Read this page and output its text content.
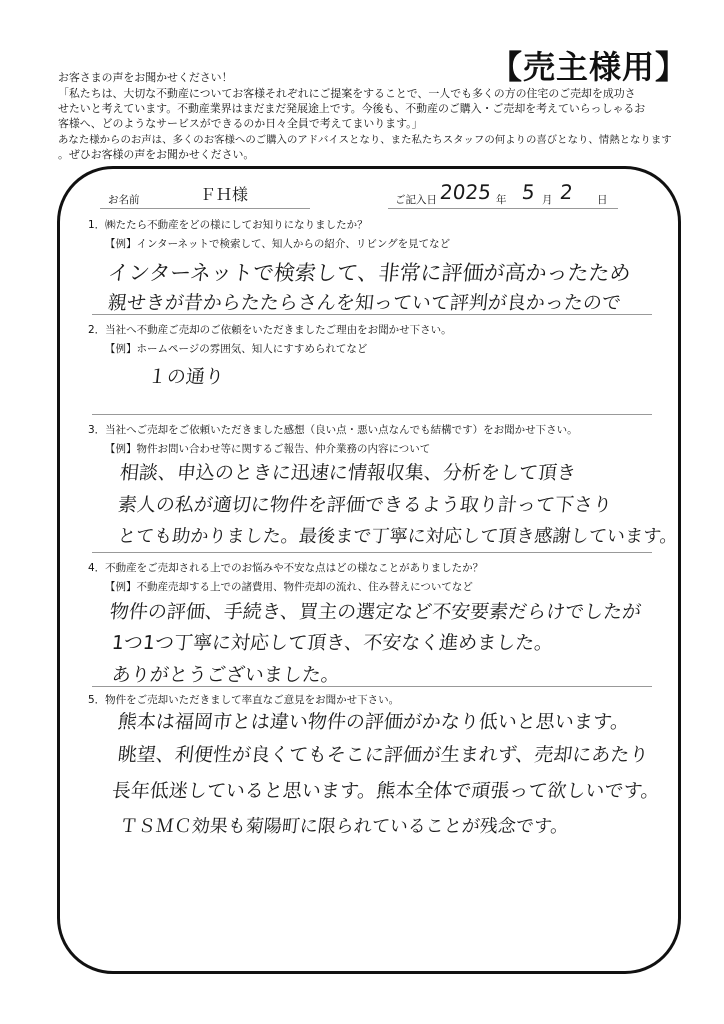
【売主様用】
お客さまの声をお聞かせください！
「私たちは、大切な不動産についてお客様それぞれにご提案をすることで、一人でも多くの方の住宅のご売却を成功さ
せたいと考えています。不動産業界はまだまだ発展途上です。今後も、不動産のご購入・ご売却を考えていらっしゃるお
客様へ、どのようなサービスができるのか日々全員で考えてまいります。」
あなた様からのお声は、多くのお客様へのご購入のアドバイスとなり、また私たちスタッフの何よりの喜びとなり、情熱となります
。ぜひお客様の声をお聞かせください。
お名前	ＦＨ様	ご記入日 2025 年 5 月 2 日
1．㈱たたら不動産をどの様にしてお知りになりましたか？
【例】インターネットで検索して、知人からの紹介、リビングを見てなど
インターネットで検索して、非常に評価が高かったため
親せきが昔からたたらさんを知っていて評判が良かったので
2．当社へ不動産ご売却のご依頼をいただきましたご理由をお聞かせ下さい。
【例】ホームページの雰囲気、知人にすすめられてなど
１の通り
3．当社へご売却をご依頼いただきました感想（良い点・悪い点なんでも結構です）をお聞かせ下さい。
【例】物件お問い合わせ等に関するご報告、仲介業務の内容について
相談、申込のときに迅速に情報収集、分析をして頂き
素人の私が適切に物件を評価できるよう取り計って下さり
とても助かりました。最後まで丁寧に対応して頂き感謝しています。
4．不動産をご売却される上でのお悩みや不安な点はどの様なことがありましたか？
【例】不動産売却する上での諸費用、物件売却の流れ、住み替えについてなど
物件の評価、手続き、買主の選定など不安要素だらけでしたが
1つ1つ丁寧に対応して頂き、不安なく進めました。
ありがとうございました。
5．物件をご売却いただきまして率直なご意見をお聞かせ下さい。
熊本は福岡市とは違い物件の評価がかなり低いと思います。
眺望、利便性が良くてもそこに評価が生まれず、売却にあたり
長年低迷していると思います。熊本全体で頑張って欲しいです。
ＴＳＭＣ効果も菊陽町に限られていることが残念です。
